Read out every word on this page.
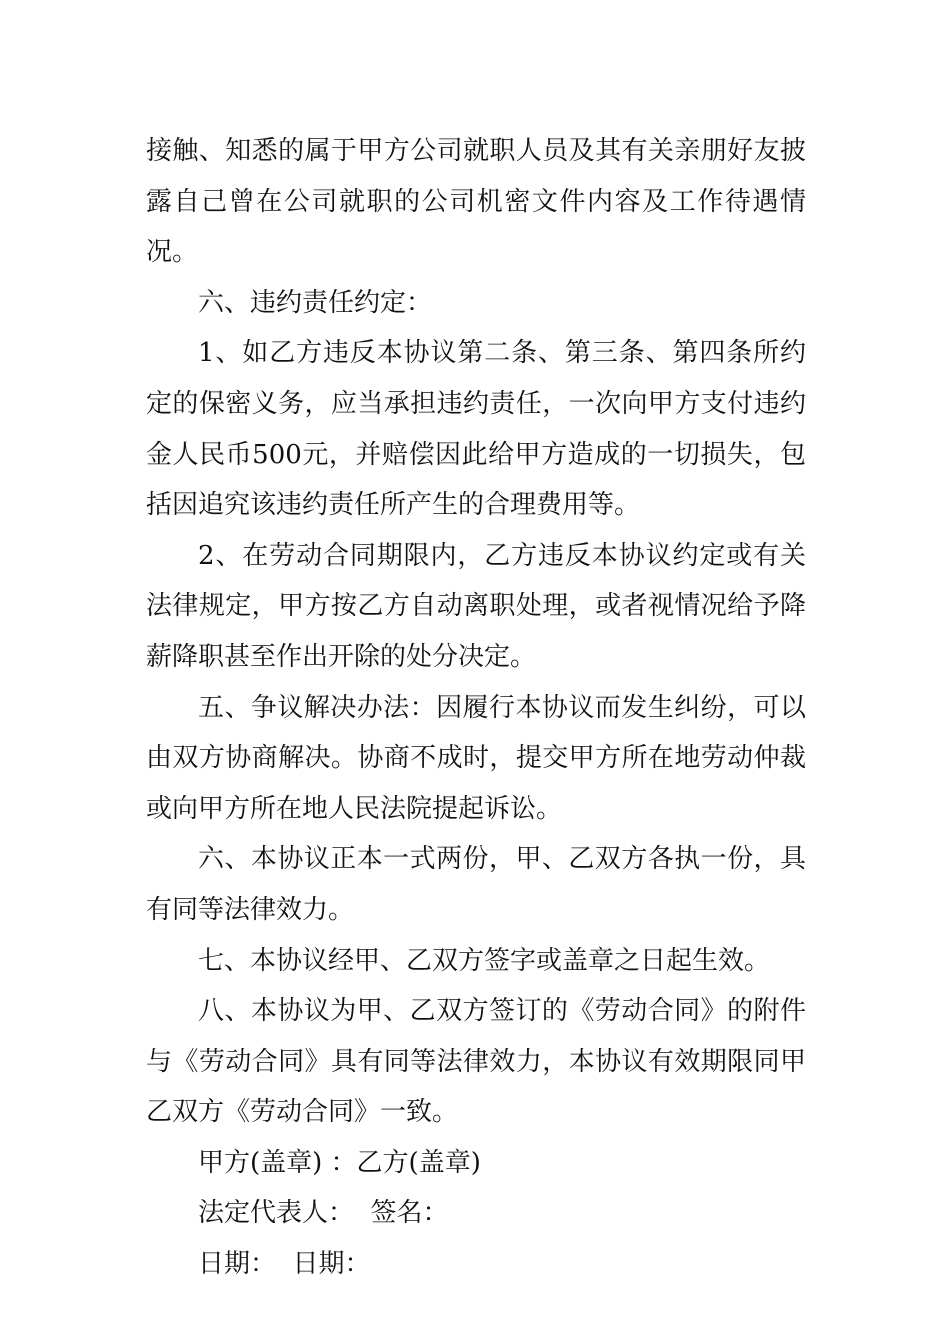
接触、知悉的属于甲方公司就职人员及其有关亲朋好友披露自己曾在公司就职的公司机密文件内容及工作待遇情况。

六、违约责任约定：

1、如乙方违反本协议第二条、第三条、第四条所约定的保密义务，应当承担违约责任，一次向甲方支付违约金人民币500元，并赔偿因此给甲方造成的一切损失，包括因追究该违约责任所产生的合理费用等。

2、在劳动合同期限内，乙方违反本协议约定或有关法律规定，甲方按乙方自动离职处理，或者视情况给予降薪降职甚至作出开除的处分决定。

五、争议解决办法：因履行本协议而发生纠纷，可以由双方协商解决。协商不成时，提交甲方所在地劳动仲裁或向甲方所在地人民法院提起诉讼。

六、本协议正本一式两份，甲、乙双方各执一份，具有同等法律效力。

七、本协议经甲、乙双方签字或盖章之日起生效。

八、本协议为甲、乙双方签订的《劳动合同》的附件与《劳动合同》具有同等法律效力，本协议有效期限同甲乙双方《劳动合同》一致。

甲方(盖章) ：乙方(盖章)

法定代表人：  签名：

日期：  日期：
